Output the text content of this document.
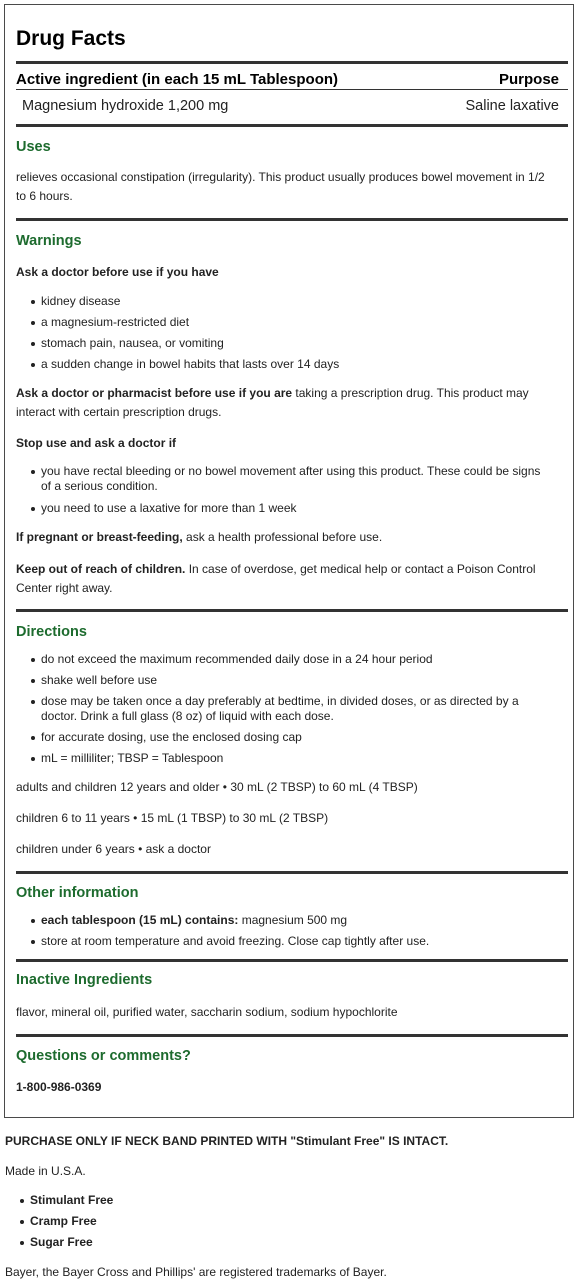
Drug Facts
Active ingredient (in each 15 mL Tablespoon)	Purpose
Magnesium hydroxide 1,200 mg	Saline laxative
Uses
relieves occasional constipation (irregularity). This product usually produces bowel movement in 1/2 to 6 hours.
Warnings
Ask a doctor before use if you have
kidney disease
a magnesium-restricted diet
stomach pain, nausea, or vomiting
a sudden change in bowel habits that lasts over 14 days
Ask a doctor or pharmacist before use if you are taking a prescription drug. This product may interact with certain prescription drugs.
Stop use and ask a doctor if
you have rectal bleeding or no bowel movement after using this product. These could be signs of a serious condition.
you need to use a laxative for more than 1 week
If pregnant or breast-feeding, ask a health professional before use.
Keep out of reach of children. In case of overdose, get medical help or contact a Poison Control Center right away.
Directions
do not exceed the maximum recommended daily dose in a 24 hour period
shake well before use
dose may be taken once a day preferably at bedtime, in divided doses, or as directed by a doctor. Drink a full glass (8 oz) of liquid with each dose.
for accurate dosing, use the enclosed dosing cap
mL = milliliter; TBSP = Tablespoon
adults and children 12 years and older • 30 mL (2 TBSP) to 60 mL (4 TBSP)
children 6 to 11 years • 15 mL (1 TBSP) to 30 mL (2 TBSP)
children under 6 years • ask a doctor
Other information
each tablespoon (15 mL) contains: magnesium 500 mg
store at room temperature and avoid freezing. Close cap tightly after use.
Inactive Ingredients
flavor, mineral oil, purified water, saccharin sodium, sodium hypochlorite
Questions or comments?
1-800-986-0369
PURCHASE ONLY IF NECK BAND PRINTED WITH "Stimulant Free" IS INTACT.
Made in U.S.A.
Stimulant Free
Cramp Free
Sugar Free
Bayer, the Bayer Cross and Phillips' are registered trademarks of Bayer.
